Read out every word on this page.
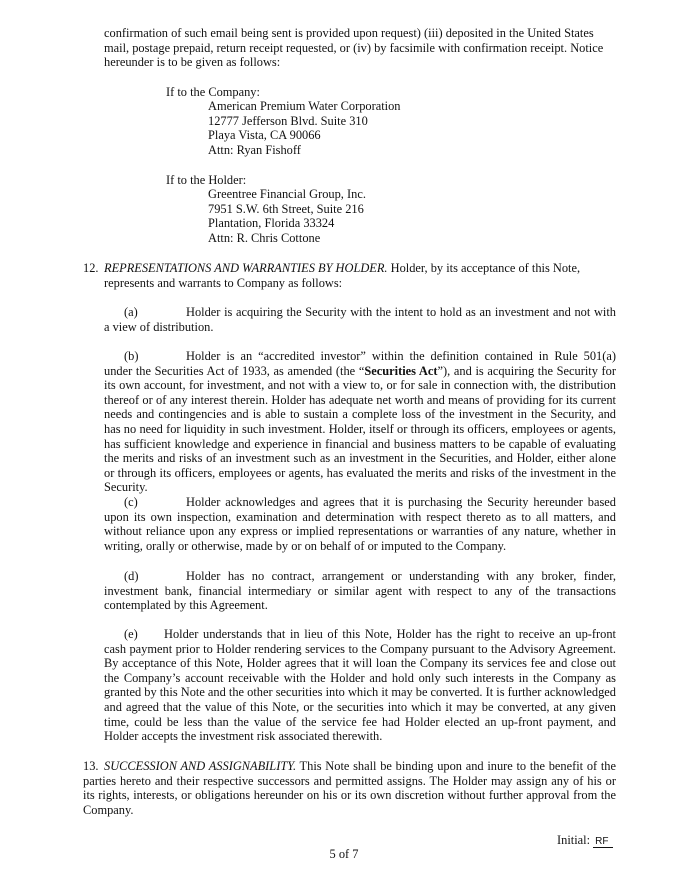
confirmation of such email being sent is provided upon request) (iii) deposited in the United States
mail, postage prepaid, return receipt requested, or (iv) by facsimile with confirmation receipt. Notice
hereunder is to be given as follows:

If to the Company:

American Premium Water Corporation

12777 Jefferson Blvd. Suite 310

Playa Vista, CA 90066

Attn: Ryan Fishoff

If to the Holder:

Greentree Financial Group, Inc.

7951 S.W. 6th Street, Suite 216

Plantation, Florida 33324

Attn: R. Chris Cottone

12. REPRESENTATIONS AND WARRANTIES BY HOLDER. Holder, by its acceptance of this Note,
represents and warrants to Company as follows:

(a)	Holder is acquiring the Security with the intent to hold as an investment and not with a view of distribution.

(b)	Holder is an “accredited investor” within the definition contained in Rule 501(a) under the Securities Act of 1933, as amended (the “Securities Act”), and is acquiring the Security for its own account, for investment, and not with a view to, or for sale in connection with, the distribution thereof or of any interest therein. Holder has adequate net worth and means of providing for its current needs and contingencies and is able to sustain a complete loss of the investment in the Security, and has no need for liquidity in such investment. Holder, itself or through its officers, employees or agents, has sufficient knowledge and experience in financial and business matters to be capable of evaluating the merits and risks of an investment such as an investment in the Securities, and Holder, either alone or through its officers, employees or agents, has evaluated the merits and risks of the investment in the Security.

(c)	Holder acknowledges and agrees that it is purchasing the Security hereunder based upon its own inspection, examination and determination with respect thereto as to all matters, and without reliance upon any express or implied representations or warranties of any nature, whether in writing, orally or otherwise, made by or on behalf of or imputed to the Company.

(d)	Holder has no contract, arrangement or understanding with any broker, finder, investment bank, financial intermediary or similar agent with respect to any of the transactions contemplated by this Agreement.

(e) Holder understands that in lieu of this Note, Holder has the right to receive an up-front cash payment prior to Holder rendering services to the Company pursuant to the Advisory Agreement. By acceptance of this Note, Holder agrees that it will loan the Company its services fee and close out the Company’s account receivable with the Holder and hold only such interests in the Company as granted by this Note and the other securities into which it may be converted. It is further acknowledged and agreed that the value of this Note, or the securities into which it may be converted, at any given time, could be less than the value of the service fee had Holder elected an up-front payment, and Holder accepts the investment risk associated therewith.

13. SUCCESSION AND ASSIGNABILITY. This Note shall be binding upon and inure to the benefit of the parties hereto and their respective successors and permitted assigns. The Holder may assign any of his or its rights, interests, or obligations hereunder on his or its own discretion without further approval from the Company.

Initial: RF
5 of 7
